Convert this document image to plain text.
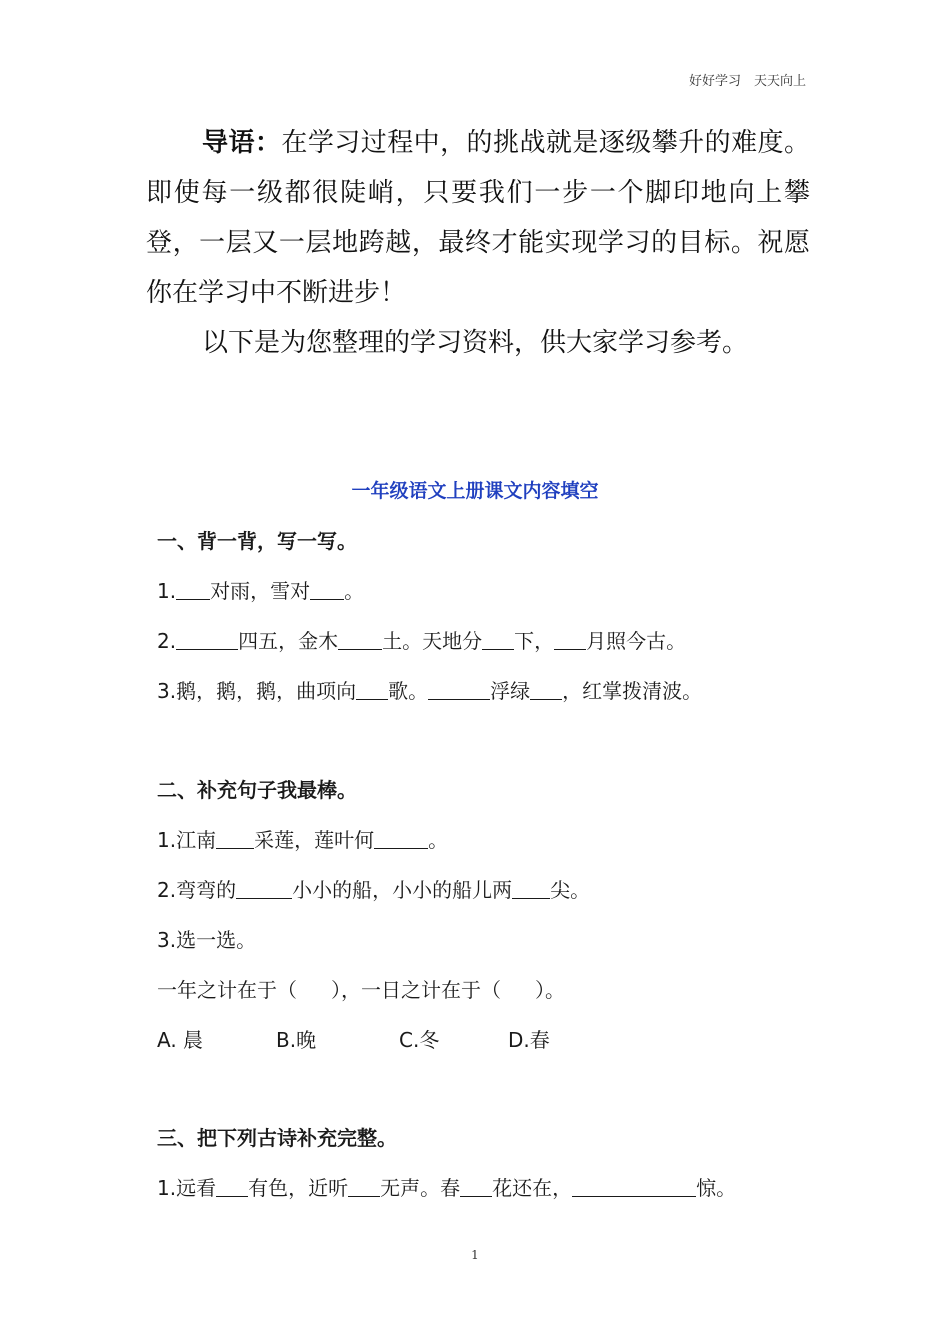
好好学习　天天向上

导语：在学习过程中，的挑战就是逐级攀升的难度。即使每一级都很陡峭，只要我们一步一个脚印地向上攀登，一层又一层地跨越，最终才能实现学习的目标。祝愿你在学习中不断进步！

以下是为您整理的学习资料，供大家学习参考。

一年级语文上册课文内容填空
一、背一背，写一写。
1. 对雨，雪对 。
2.	四五，金木 土。天地分 下， 月照今古。
3.鹅，鹅，鹅，曲项向 歌。	浮绿 ，红掌拨清波。
二、补充句子我最棒。
1.江南 采莲，莲叶何	。
2.弯弯的	小小的船，小小的船儿两 尖。
3.选一选。
一年之计在于（ ），一日之计在于（ ）。
A. 晨	B.晚	C.冬	D.春
三、把下列古诗补充完整。
1.远看 有色，近听 无声。春 花还在，	惊。
1
